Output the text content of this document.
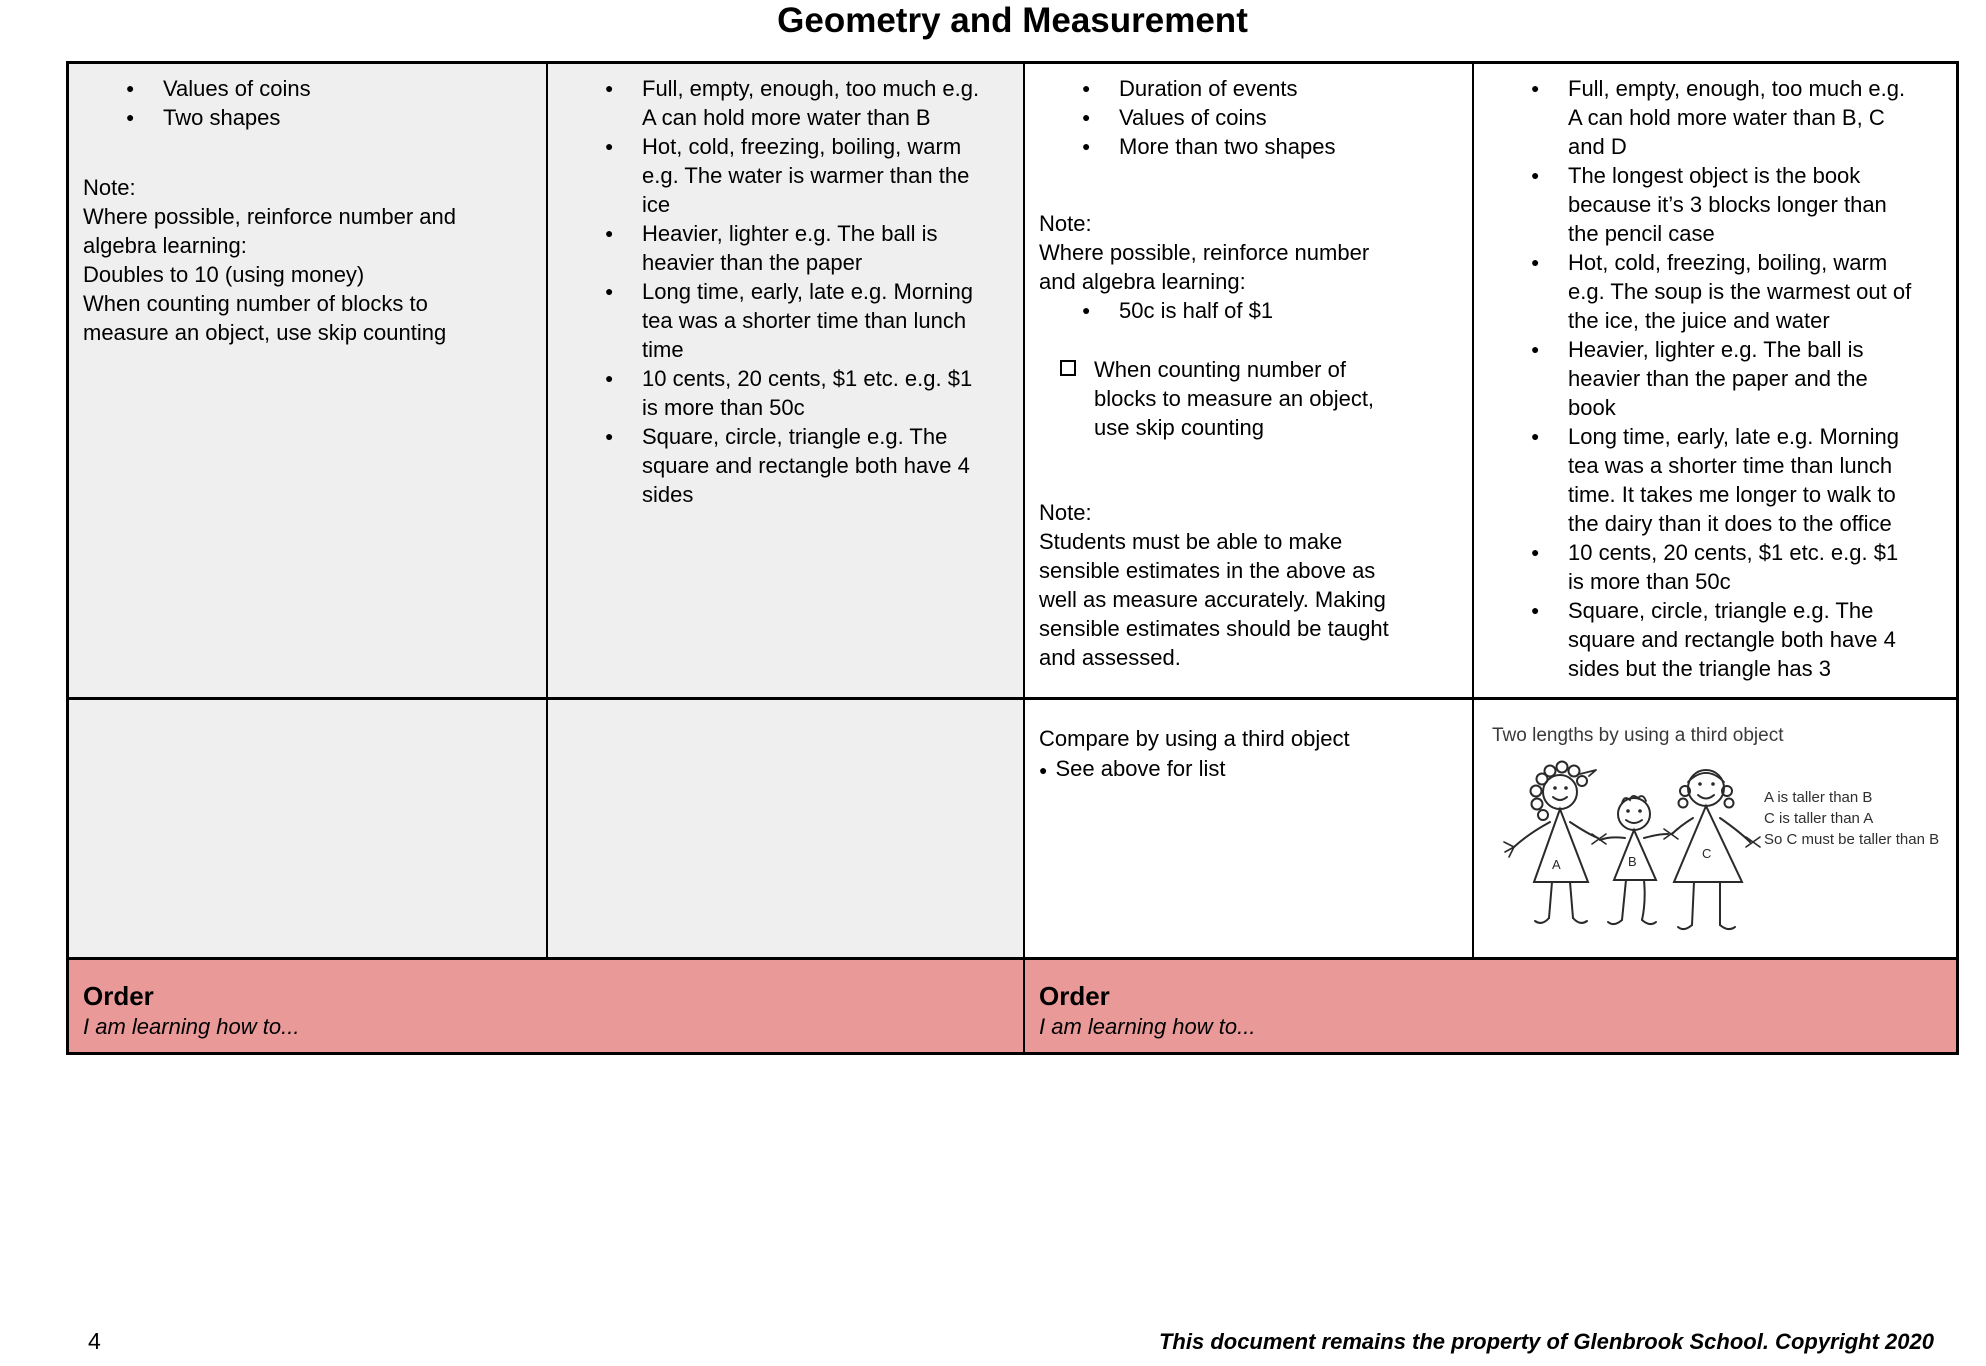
Geometry and Measurement
● Values of coins
● Two shapes
Note:
Where possible, reinforce number and algebra learning:
Doubles to 10 (using money)
When counting number of blocks to measure an object, use skip counting
● Full, empty, enough, too much e.g. A can hold more water than B
● Hot, cold, freezing, boiling, warm e.g. The water is warmer than the ice
● Heavier, lighter e.g. The ball is heavier than the paper
● Long time, early, late e.g. Morning tea was a shorter time than lunch time
● 10 cents, 20 cents, $1 etc. e.g. $1 is more than 50c
● Square, circle, triangle e.g. The square and rectangle both have 4 sides
● Duration of events
● Values of coins
● More than two shapes
Note:
Where possible, reinforce number and algebra learning:
● 50c is half of $1
When counting number of blocks to measure an object, use skip counting
Note:
Students must be able to make sensible estimates in the above as well as measure accurately. Making sensible estimates should be taught and assessed.
● Full, empty, enough, too much e.g. A can hold more water than B, C and D
● The longest object is the book because it’s 3 blocks longer than the pencil case
● Hot, cold, freezing, boiling, warm e.g. The soup is the warmest out of the ice, the juice and water
● Heavier, lighter e.g. The ball is heavier than the paper and the book
● Long time, early, late e.g. Morning tea was a shorter time than lunch time. It takes me longer to walk to the dairy than it does to the office
● 10 cents, 20 cents, $1 etc. e.g. $1 is more than 50c
● Square, circle, triangle e.g. The square and rectangle both have 4 sides but the triangle has 3
Compare by using a third object
● See above for list
Two lengths by using a third object
A	B
C
A is taller than B
C is taller than A
So C must be taller than B
Order
I am learning how to...
Order
I am learning how to...
4	This document remains the property of Glenbrook School. Copyright 2020
